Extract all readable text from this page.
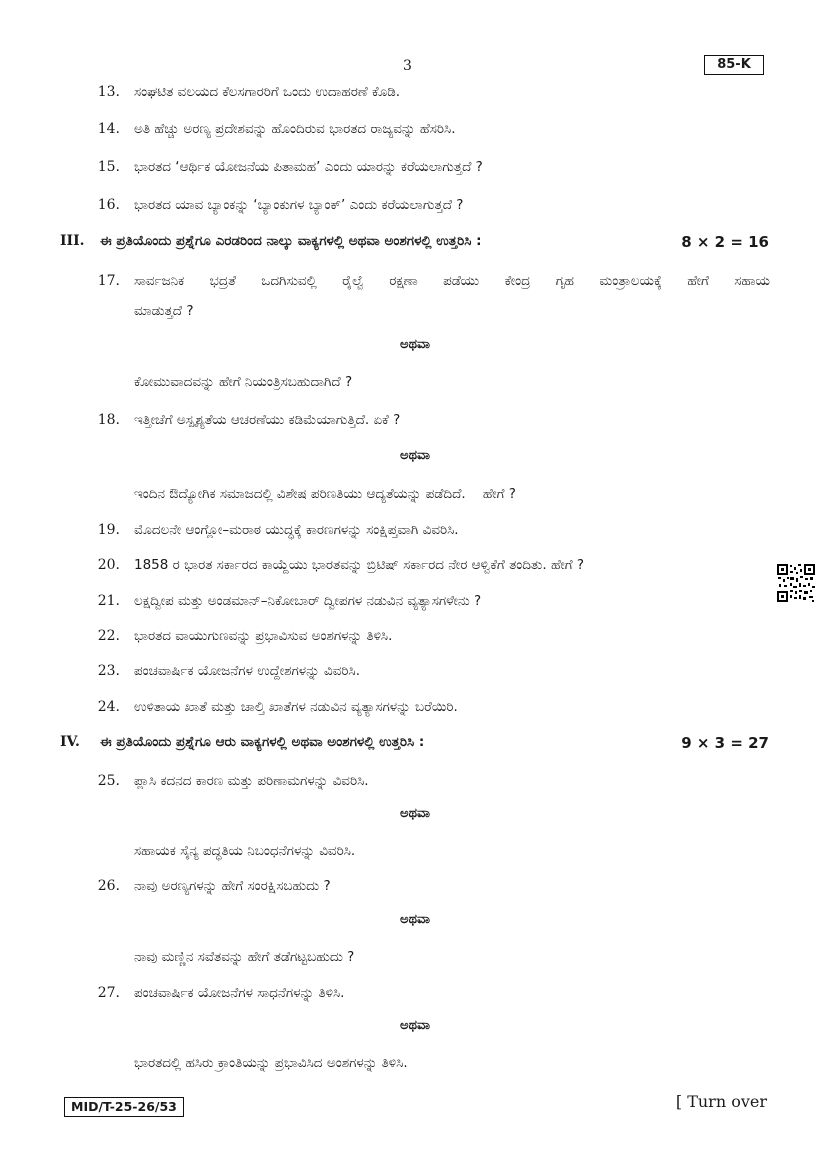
3	85-K
13. ಸಂಘಟಿತ ವಲಯದ ಕೆಲಸಗಾರರಿಗೆ ಒಂದು ಉದಾಹರಣೆ ಕೊಡಿ.
14. ಅತಿ ಹೆಚ್ಚು ಅರಣ್ಯ ಪ್ರದೇಶವನ್ನು ಹೊಂದಿರುವ ಭಾರತದ ರಾಜ್ಯವನ್ನು ಹೆಸರಿಸಿ.
15. ಭಾರತದ ‘ಆರ್ಥಿಕ ಯೋಜನೆಯ ಪಿತಾಮಹ’ ಎಂದು ಯಾರನ್ನು ಕರೆಯಲಾಗುತ್ತದೆ ?
16. ಭಾರತದ ಯಾವ ಬ್ಯಾಂಕನ್ನು ‘ಬ್ಯಾಂಕುಗಳ ಬ್ಯಾಂಕ್’ ಎಂದು ಕರೆಯಲಾಗುತ್ತದೆ ?
III. ಈ ಪ್ರತಿಯೊಂದು ಪ್ರಶ್ನೆಗೂ ಎರಡರಿಂದ ನಾಲ್ಕು ವಾಕ್ಯಗಳಲ್ಲಿ ಅಥವಾ ಅಂಶಗಳಲ್ಲಿ ಉತ್ತರಿಸಿ :	8 × 2 = 16
17. ಸಾರ್ವಜನಿಕ ಭದ್ರತೆ ಒದಗಿಸುವಲ್ಲಿ ರೈಲ್ವೆ ರಕ್ಷಣಾ ಪಡೆಯು ಕೇಂದ್ರ ಗೃಹ ಮಂತ್ರಾಲಯಕ್ಕೆ ಹೇಗೆ ಸಹಾಯ
ಮಾಡುತ್ತದೆ ?
ಅಥವಾ
ಕೋಮುವಾದವನ್ನು ಹೇಗೆ ನಿಯಂತ್ರಿಸಬಹುದಾಗಿದೆ ?
18. ಇತ್ತೀಚೆಗೆ ಅಸ್ಪೃಶ್ಯತೆಯ ಆಚರಣೆಯು ಕಡಿಮೆಯಾಗುತ್ತಿದೆ. ಏಕೆ ?
ಅಥವಾ
ಇಂದಿನ ಔದ್ಯೋಗಿಕ ಸಮಾಜದಲ್ಲಿ ವಿಶೇಷ ಪರಿಣತಿಯು ಆದ್ಯತೆಯನ್ನು ಪಡೆದಿದೆ.    ಹೇಗೆ ?
19. ಮೊದಲನೇ ಆಂಗ್ಲೋ–ಮರಾಠ ಯುದ್ಧಕ್ಕೆ ಕಾರಣಗಳನ್ನು ಸಂಕ್ಷಿಪ್ತವಾಗಿ ವಿವರಿಸಿ.
20. 1858 ರ ಭಾರತ ಸರ್ಕಾರದ ಕಾಯ್ದೆಯು ಭಾರತವನ್ನು ಬ್ರಿಟಿಷ್ ಸರ್ಕಾರದ ನೇರ ಆಳ್ವಿಕೆಗೆ ತಂದಿತು. ಹೇಗೆ ?
21. ಲಕ್ಷದ್ವೀಪ ಮತ್ತು ಅಂಡಮಾನ್–ನಿಕೋಬಾರ್ ದ್ವೀಪಗಳ ನಡುವಿನ ವ್ಯತ್ಯಾಸಗಳೇನು ?
22. ಭಾರತದ ವಾಯುಗುಣವನ್ನು ಪ್ರಭಾವಿಸುವ ಅಂಶಗಳನ್ನು ತಿಳಿಸಿ.
23. ಪಂಚವಾರ್ಷಿಕ ಯೋಜನೆಗಳ ಉದ್ದೇಶಗಳನ್ನು ವಿವರಿಸಿ.
24. ಉಳಿತಾಯ ಖಾತೆ ಮತ್ತು ಚಾಲ್ತಿ ಖಾತೆಗಳ ನಡುವಿನ ವ್ಯತ್ಯಾಸಗಳನ್ನು ಬರೆಯಿರಿ.
IV. ಈ ಪ್ರತಿಯೊಂದು ಪ್ರಶ್ನೆಗೂ ಆರು ವಾಕ್ಯಗಳಲ್ಲಿ ಅಥವಾ ಅಂಶಗಳಲ್ಲಿ ಉತ್ತರಿಸಿ :	9 × 3 = 27
25. ಪ್ಲಾಸಿ ಕದನದ ಕಾರಣ ಮತ್ತು ಪರಿಣಾಮಗಳನ್ನು ವಿವರಿಸಿ.
ಅಥವಾ
ಸಹಾಯಕ ಸೈನ್ಯ ಪದ್ಧತಿಯ ನಿಬಂಧನೆಗಳನ್ನು ವಿವರಿಸಿ.
26. ನಾವು ಅರಣ್ಯಗಳನ್ನು ಹೇಗೆ ಸಂರಕ್ಷಿಸಬಹುದು ?
ಅಥವಾ
ನಾವು ಮಣ್ಣಿನ ಸವೆತವನ್ನು ಹೇಗೆ ತಡೆಗಟ್ಟಬಹುದು ?
27. ಪಂಚವಾರ್ಷಿಕ ಯೋಜನೆಗಳ ಸಾಧನೆಗಳನ್ನು ತಿಳಿಸಿ.
ಅಥವಾ
ಭಾರತದಲ್ಲಿ ಹಸಿರು ಕ್ರಾಂತಿಯನ್ನು ಪ್ರಭಾವಿಸಿದ ಅಂಶಗಳನ್ನು ತಿಳಿಸಿ.
MID/T-25-26/53	[ Turn over
